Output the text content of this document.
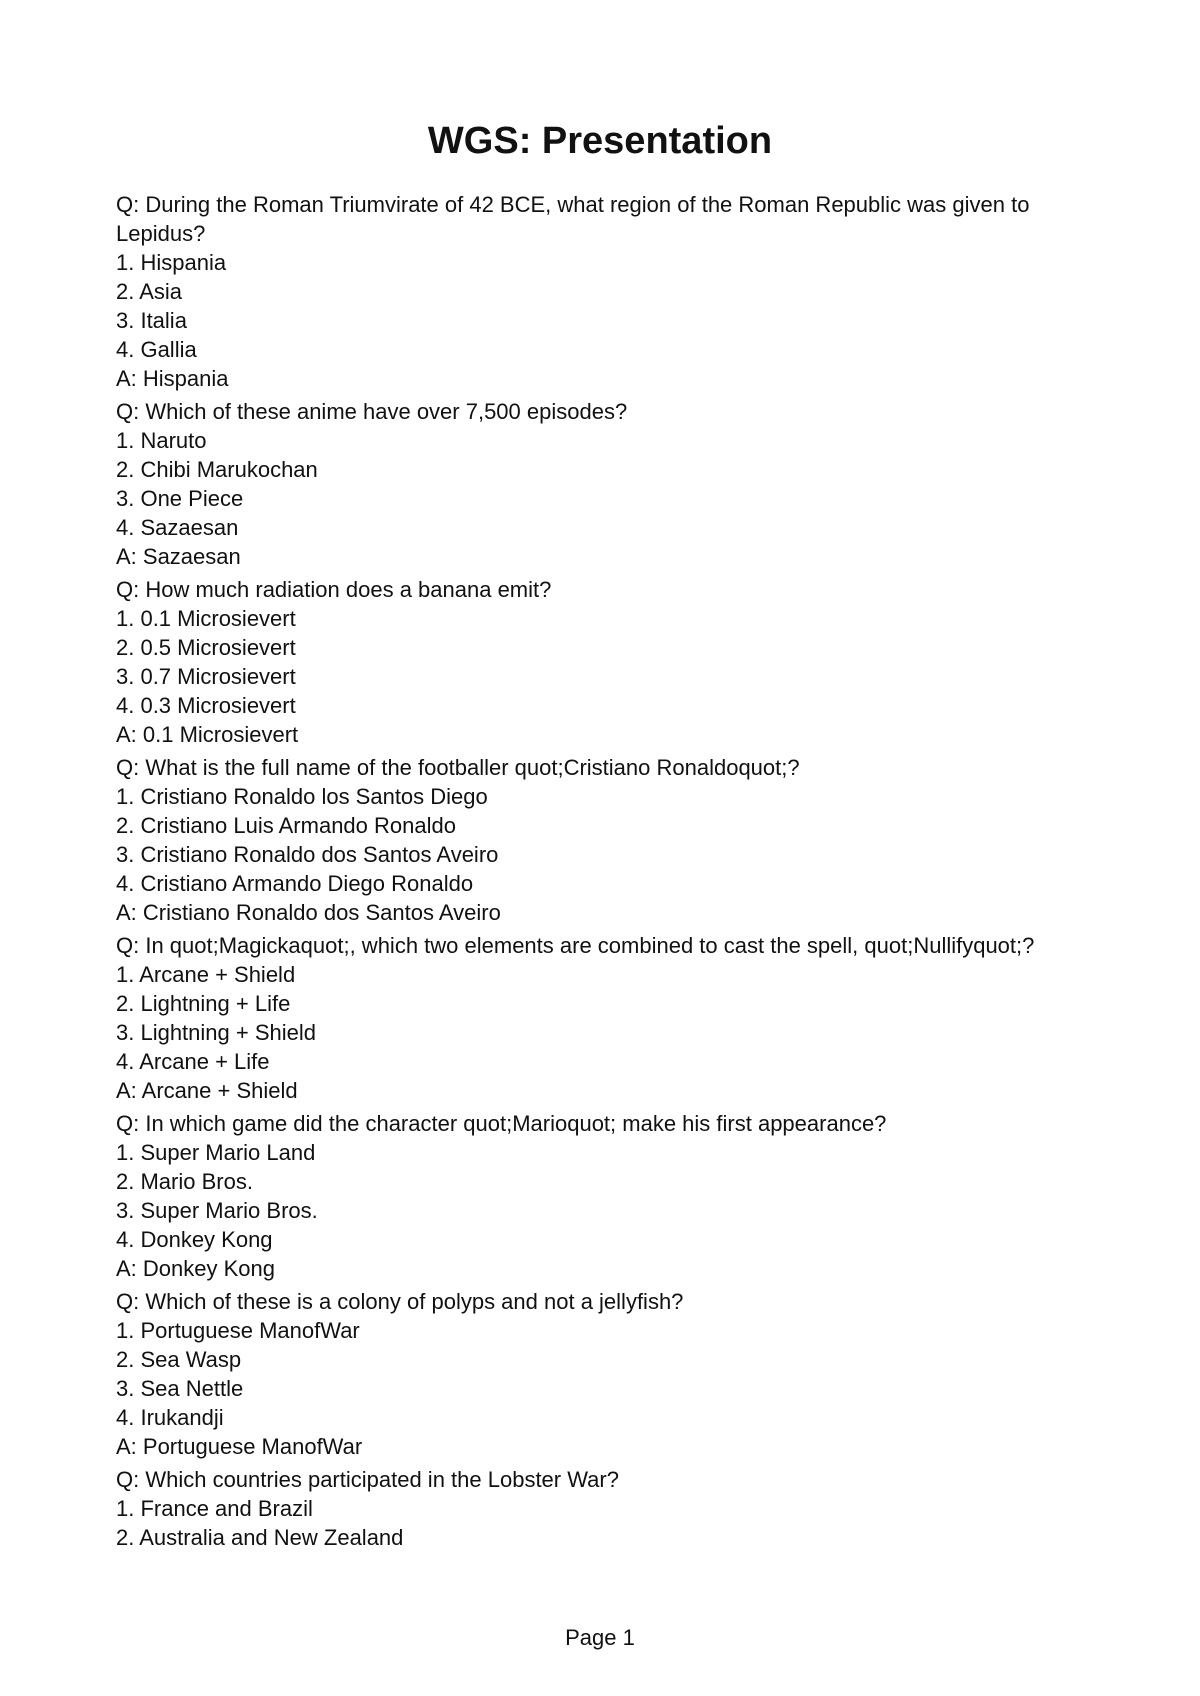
WGS: Presentation
Q: During the Roman Triumvirate of 42 BCE, what region of the Roman Republic was given to Lepidus?
1. Hispania
2. Asia
3. Italia
4. Gallia
A: Hispania
Q: Which of these anime have over 7,500 episodes?
1. Naruto
2. Chibi Marukochan
3. One Piece
4. Sazaesan
A: Sazaesan
Q: How much radiation does a banana emit?
1. 0.1 Microsievert
2. 0.5 Microsievert
3. 0.7 Microsievert
4. 0.3 Microsievert
A: 0.1 Microsievert
Q: What is the full name of the footballer quot;Cristiano Ronaldoquot;?
1. Cristiano Ronaldo los Santos Diego
2. Cristiano Luis Armando Ronaldo
3. Cristiano Ronaldo dos Santos Aveiro
4. Cristiano Armando Diego Ronaldo
A: Cristiano Ronaldo dos Santos Aveiro
Q: In quot;Magickaquot;, which two elements are combined to cast the spell, quot;Nullifyquot;?
1. Arcane + Shield
2. Lightning + Life
3. Lightning + Shield
4. Arcane + Life
A: Arcane + Shield
Q: In which game did the character quot;Marioquot; make his first appearance?
1. Super Mario Land
2. Mario Bros.
3. Super Mario Bros.
4. Donkey Kong
A: Donkey Kong
Q: Which of these is a colony of polyps and not a jellyfish?
1. Portuguese ManofWar
2. Sea Wasp
3. Sea Nettle
4. Irukandji
A: Portuguese ManofWar
Q: Which countries participated in the Lobster War?
1. France and Brazil
2. Australia and New Zealand
Page 1
